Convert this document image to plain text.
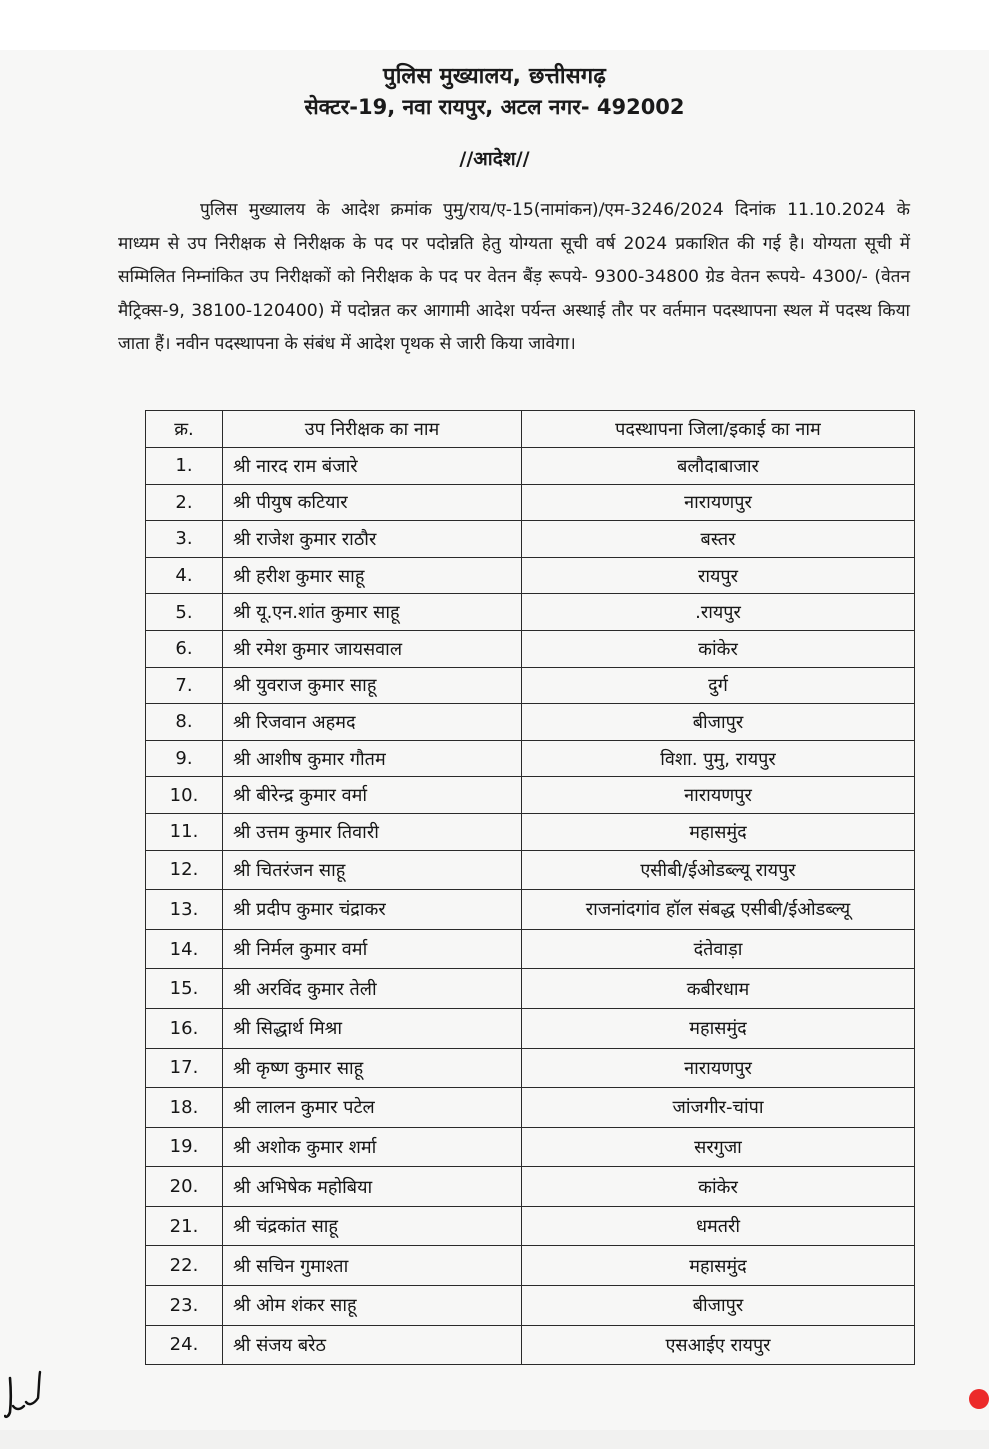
पुलिस मुख्यालय, छत्तीसगढ़
सेक्टर-19, नवा रायपुर, अटल नगर- 492002
//आदेश//
पुलिस मुख्यालय के आदेश क्रमांक पुमु/राय/ए-15(नामांकन)/एम-3246/2024 दिनांक 11.10.2024 के माध्यम से उप निरीक्षक से निरीक्षक के पद पर पदोन्नति हेतु योग्यता सूची वर्ष 2024 प्रकाशित की गई है। योग्यता सूची में सम्मिलित निम्नांकित उप निरीक्षकों को निरीक्षक के पद पर वेतन बैंड़ रूपये- 9300-34800 ग्रेड वेतन रूपये- 4300/- (वेतन मैट्रिक्स-9, 38100-120400) में पदोन्नत कर आगामी आदेश पर्यन्त अस्थाई तौर पर वर्तमान पदस्थापना स्थल में पदस्थ किया जाता हैं। नवीन पदस्थापना के संबंध में आदेश पृथक से जारी किया जावेगा।
क्र.	उप निरीक्षक का नाम	पदस्थापना जिला/इकाई का नाम
1.	श्री नारद राम बंजारे	बलौदाबाजार
2.	श्री पीयुष कटियार	नारायणपुर
3.	श्री राजेश कुमार राठौर	बस्तर
4.	श्री हरीश कुमार साहू	रायपुर
5.	श्री यू.एन.शांत कुमार साहू	.रायपुर
6.	श्री रमेश कुमार जायसवाल	कांकेर
7.	श्री युवराज कुमार साहू	दुर्ग
8.	श्री रिजवान अहमद	बीजापुर
9.	श्री आशीष कुमार गौतम	विशा. पुमु, रायपुर
10.	श्री बीरेन्द्र कुमार वर्मा	नारायणपुर
11.	श्री उत्तम कुमार तिवारी	महासमुंद
12.	श्री चितरंजन साहू	एसीबी/ईओडब्ल्यू रायपुर
13.	श्री प्रदीप कुमार चंद्राकर	राजनांदगांव हॉल संबद्ध एसीबी/ईओडब्ल्यू
14.	श्री निर्मल कुमार वर्मा	दंतेवाड़ा
15.	श्री अरविंद कुमार तेली	कबीरधाम
16.	श्री सिद्धार्थ मिश्रा	महासमुंद
17.	श्री कृष्ण कुमार साहू	नारायणपुर
18.	श्री लालन कुमार पटेल	जांजगीर-चांपा
19.	श्री अशोक कुमार शर्मा	सरगुजा
20.	श्री अभिषेक महोबिया	कांकेर
21.	श्री चंद्रकांत साहू	धमतरी
22.	श्री सचिन गुमाश्ता	महासमुंद
23.	श्री ओम शंकर साहू	बीजापुर
24.	श्री संजय बरेठ	एसआईए रायपुर
